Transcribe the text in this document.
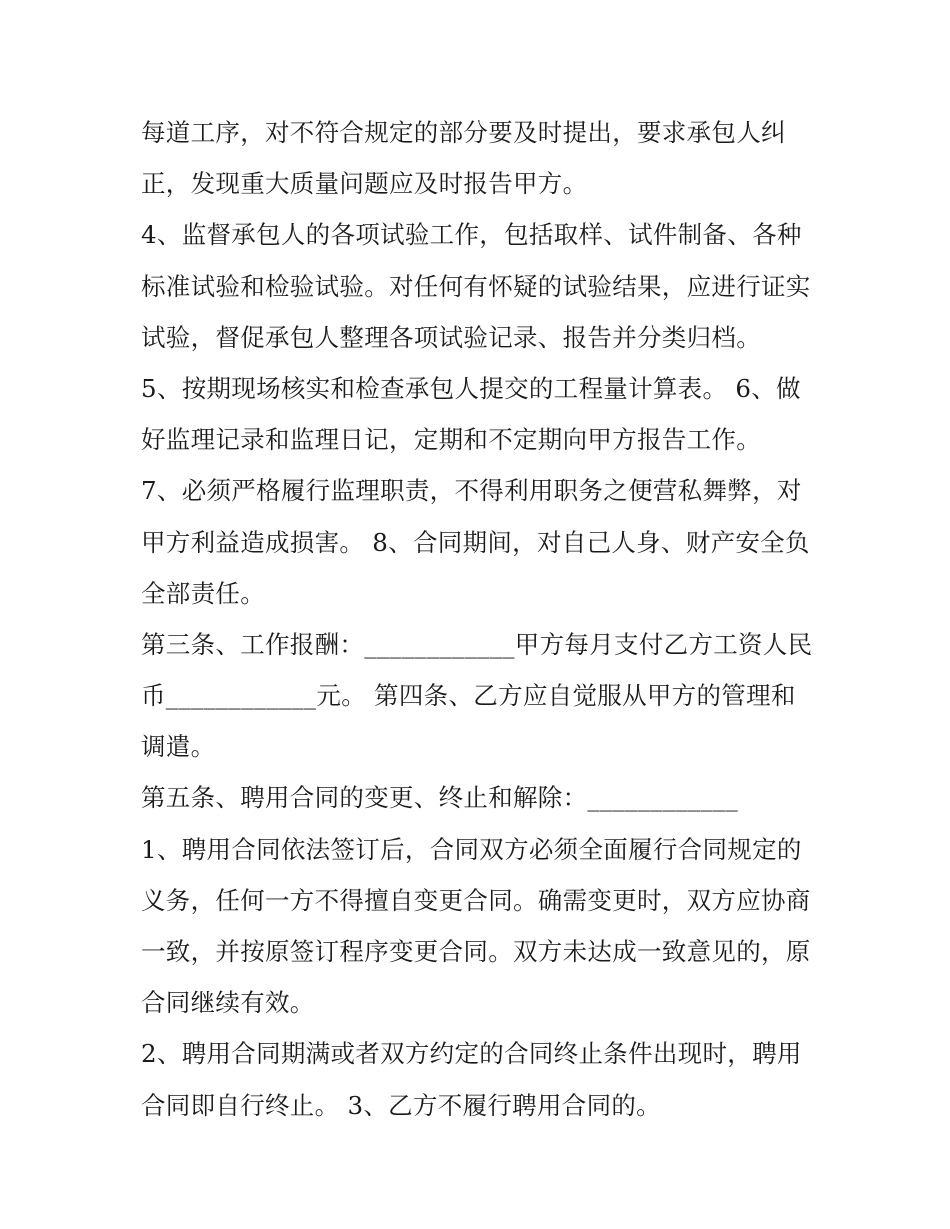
每道工序，对不符合规定的部分要及时提出，要求承包人纠

正，发现重大质量问题应及时报告甲方。

4、监督承包人的各项试验工作，包括取样、试件制备、各种

标准试验和检验试验。对任何有怀疑的试验结果，应进行证实

试验，督促承包人整理各项试验记录、报告并分类归档。

5、按期现场核实和检查承包人提交的工程量计算表。 6、做

好监理记录和监理日记，定期和不定期向甲方报告工作。

7、必须严格履行监理职责，不得利用职务之便营私舞弊，对

甲方利益造成损害。 8、合同期间，对自己人身、财产安全负

全部责任。

第三条、工作报酬：____________甲方每月支付乙方工资人民

币____________元。 第四条、乙方应自觉服从甲方的管理和

调遣。

第五条、聘用合同的变更、终止和解除：____________

1、聘用合同依法签订后，合同双方必须全面履行合同规定的

义务，任何一方不得擅自变更合同。确需变更时，双方应协商

一致，并按原签订程序变更合同。双方未达成一致意见的，原

合同继续有效。

2、聘用合同期满或者双方约定的合同终止条件出现时，聘用

合同即自行终止。 3、乙方不履行聘用合同的。
